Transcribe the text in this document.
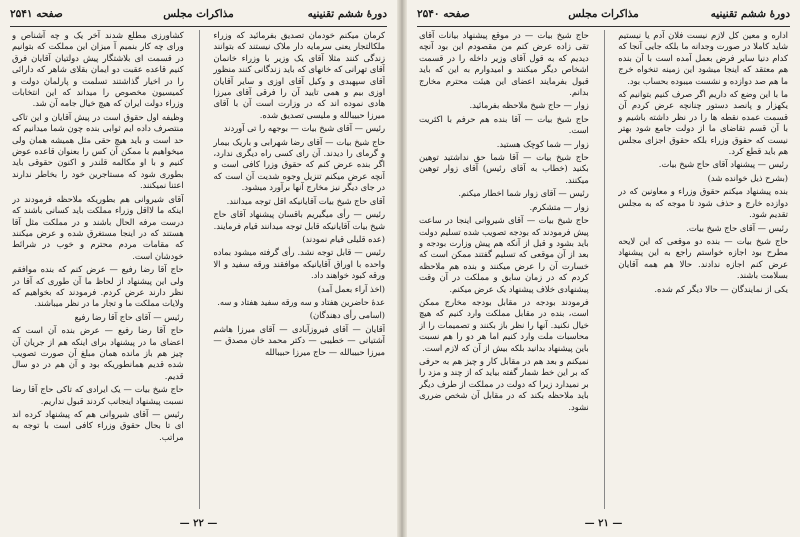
صفحه ۲۵۴۱	مذاکرات مجلس	دورهٔ ششم تقنینیه

کرمان میکنم خودمان تصدیق بفرمائید که وزراء ملکالتجار یعنی سرمایه دار ملاک نیستند که بتوانند زندگی کنند مثلا آقای یک وزیر با وزراء خانمان آقای تهرانی که خانهای که باید زندگانی کنند منظور آقای سپهبدی و وکیل آقای اوزی و سایر آقایان اوزی بیم و همی تایید آن را فرقی آقای میرزا هادی نموده اند که در وزارت است آن با آقای میرزا حبیبالله و ملیسی تصدیق شده.

رئیس — آقای شیخ بیات — بوجهه را تی آوردند

حاج شیخ بیات — آقای رضا شهرابی و باریک بیمار و گرمای را دیدند. آن رای کسی راه دیگری ندارد، اگر بنده عرض کنم که حقوق وزرا کافی است و آنچه عرض میکنم تنزیل وجوه شدیت آن است که در جای دیگر نیز مخارج آنها برآورد میشود.

آقای حاج شیخ بیات آقایانیکه اقل توجه میدانند.

رئیس — رأی میگیریم باقسان پیشنهاد آقای حاج شیخ بیات آقایانیکه قابل توجه میدانند قیام فرمایند.

(عده قلیلی قیام نمودند)

رئیس — قابل توجه نشد. رأی گرفته میشود بماده واحده با اوراق آقایانیکه موافقند ورقه سفید و الا ورقه کبود خواهند داد.

(اخذ آراء بعمل آمد)

عدهٔ حاضرین هفتاد و سه ورقه سفید هفتاد و سه.

(اسامی رأی دهندگان)

آقایان — آقای فیروزآبادی — آقای میرزا هاشم آشتیانی — خطیبی — دکتر محمد خان مصدق — میرزا حبیبالله — حاج میرزا حبیبالله

کشاورزی مطلع شدند آخر یک و چه آشناص و ورای چه کار بنمیم آ میزان این مملکت که بتوانیم در قسمت ای بلاشتگار پیش دولتیان آقایان فرق کنیم قاعده عقبت دو ایمان بقلای شاهر که دارائی را در اخیار گذاشتند تسلمت و پارلمان دولت و کمیسیون مخصوص را میداند که این انتخابات وزراء دولت ایران که هیچ خیال جامه آن شد.

وظیفه اول حقوق است در پیش آقایان و این تاکی منتصرف داده ایم ثوابی بنده چون شما میدانیم که حد است و باید هیچ حقی مثل همیشه همان ولی میخواهیم با ممکن آن کس را بعنوان قاعده عوض کنیم و با او مکالمه قلندر و اکنون حقوقی باید بطوری شود که مستاجرین خود را بخاطر ندارند اعتنا نمیکنند.

آقای شیروانی هم بطوریکه ملاحظه فرمودند در اینکه ما لااقل وزراء مملکت باید کسانی باشند که درست مرفه الحال باشند و در مملکت مثل آقا هستند که در اینجا مستغرق شده و عرض میکنند که مقامات مردم محترم و خوب در شرائط خودشان است.

حاج آقا رضا رفیع — عرض کنم که بنده موافقم ولی این پیشنهاد از لحاظ ما آن طوری که آقا در نظر دارند عرض کردم. فرمودند که بخواهیم که ولایات مملکت ما و تجار ما در نظر میباشند.

رئیس — آقای حاج آقا رضا رفیع

حاج آقا رضا رفیع — عرض بنده آن است که اعضای ما در پیشنهاد برای اینکه هم از جریان آن چیز هم باز مانده همان مبلغ آن صورت تصویب شده قدیم همانطوریکه بود و آن هم در دو سال قدیم.

حاج شیخ بیات — یک ایرادی که تاکی حاج آقا رضا نسبت پیشنهاد اینجانب کردند قبول نداریم.

رئیس — آقای شیروانی هم که پیشنهاد کرده اند ای تا بحال حقوق وزراء کافی است با توجه به مراتب.

— ۲۲ —
صفحه ۲۵۴۰	مذاکرات مجلس	دورهٔ ششم تقنینیه

اداره و معین کل لازم نیست فلان آدم یا نیستیم شاید کاملا در صورت وجدانه ما بلکه جایی آنجا که کدام دنیا سایر فرض بعمل آمده است با آن بنده هم معتقد که اینجا میشود این زمینه تنخواه خرج ما هم صد دوازده و نشست میبوده بحساب بود.

ما با این وضع که داریم اگر صرف کنیم بتوانیم که یکهزار و پانصد دستور چنانچه عرض کردم آن قسمت عمده نقطه ها را در نظر داشته باشیم و با آن قسم تقاضای ما از دولت جامع شود بهتر نیست که حقوق وزراء بلکه حقوق اجزای مجلس هم باید قطع کرد.

رئیس — پیشنهاد آقای حاج شیخ بیات.

(بشرح ذیل خوانده شد)

بنده پیشنهاد میکنم حقوق وزراء و معاونین که در دوازده خارج و حذف شود تا موجه که به مجلس تقدیم شود.

رئیس — آقای حاج شیخ بیات.

حاج شیخ بیات — بنده دو موقعی که این لایحه مطرح بود اجازه خواستم راجع به این پیشنهاد عرض کنم اجازه ندادند. حالا هم همه آقایان بسلامت باشند.

یکی از نمایندگان — حالا دیگر کم شده.

حاج شیخ بیات — در موقع پیشنهاد بیانات آقای تقی زاده عرض کنم من مقصودم این بود آنچه دیدیم که به قول آقای وزیر داخله را در قسمت اشخاص دیگر میکنند و امیدوارم به این که باید قبول بفرمایند اعضای این هیئت محترم مخارج بدانم.

زوار — حاج شیخ ملاحظه بفرمائید.

حاج شیخ بیات — آقا بنده هم حرفم با اکثریت است.

زوار — شما کوچک هستید.

حاج شیخ بیات — آقا شما حق نداشتید توهین بکنید (خطاب به آقای رئیس) آقای زوار توهین میکنند.

رئیس — آقای زوار شما اخطار میکنم.

زوار — متشکرم.

حاج شیخ بیات — آقای شیروانی اینجا در ساعت پیش فرمودند که بودجه تصویب شده تسلیم دولت باید بشود و قبل از آنکه هم پیش وزارت بودجه و بعد از آن موقعی که تسلیم گفتند ممکن است که خسارت آن را عرض میکنند و بنده هم ملاحظه کردم که در زمان سابق و مملکت در آن وقت پیشنهادی خلاف پیشنهاد یک عرض میکنم.

فرمودند بودجه در مقابل بودجه مخارج ممکن است، بنده در مقابل مملکت وارد کنیم که هیچ خیال نکنید. آنها را نظر باز بکنند و تصمیمات را از محاسبات ملت وارد کنیم اما هر دو را هم نسبت باین پیشنهاد بدانید بلکه بیش از آن که لازم است.

نمیکنم و بعد هم در مقابل کار و چیز هم به حرفی که بر این خط شمار گفته بیاید که از چند و مزد را بر نمیدارد زیرا که دولت در مملکت از طرف دیگر باید ملاحظه بکند که در مقابل آن شخص ضرری نشود.

— ۲۱ —
